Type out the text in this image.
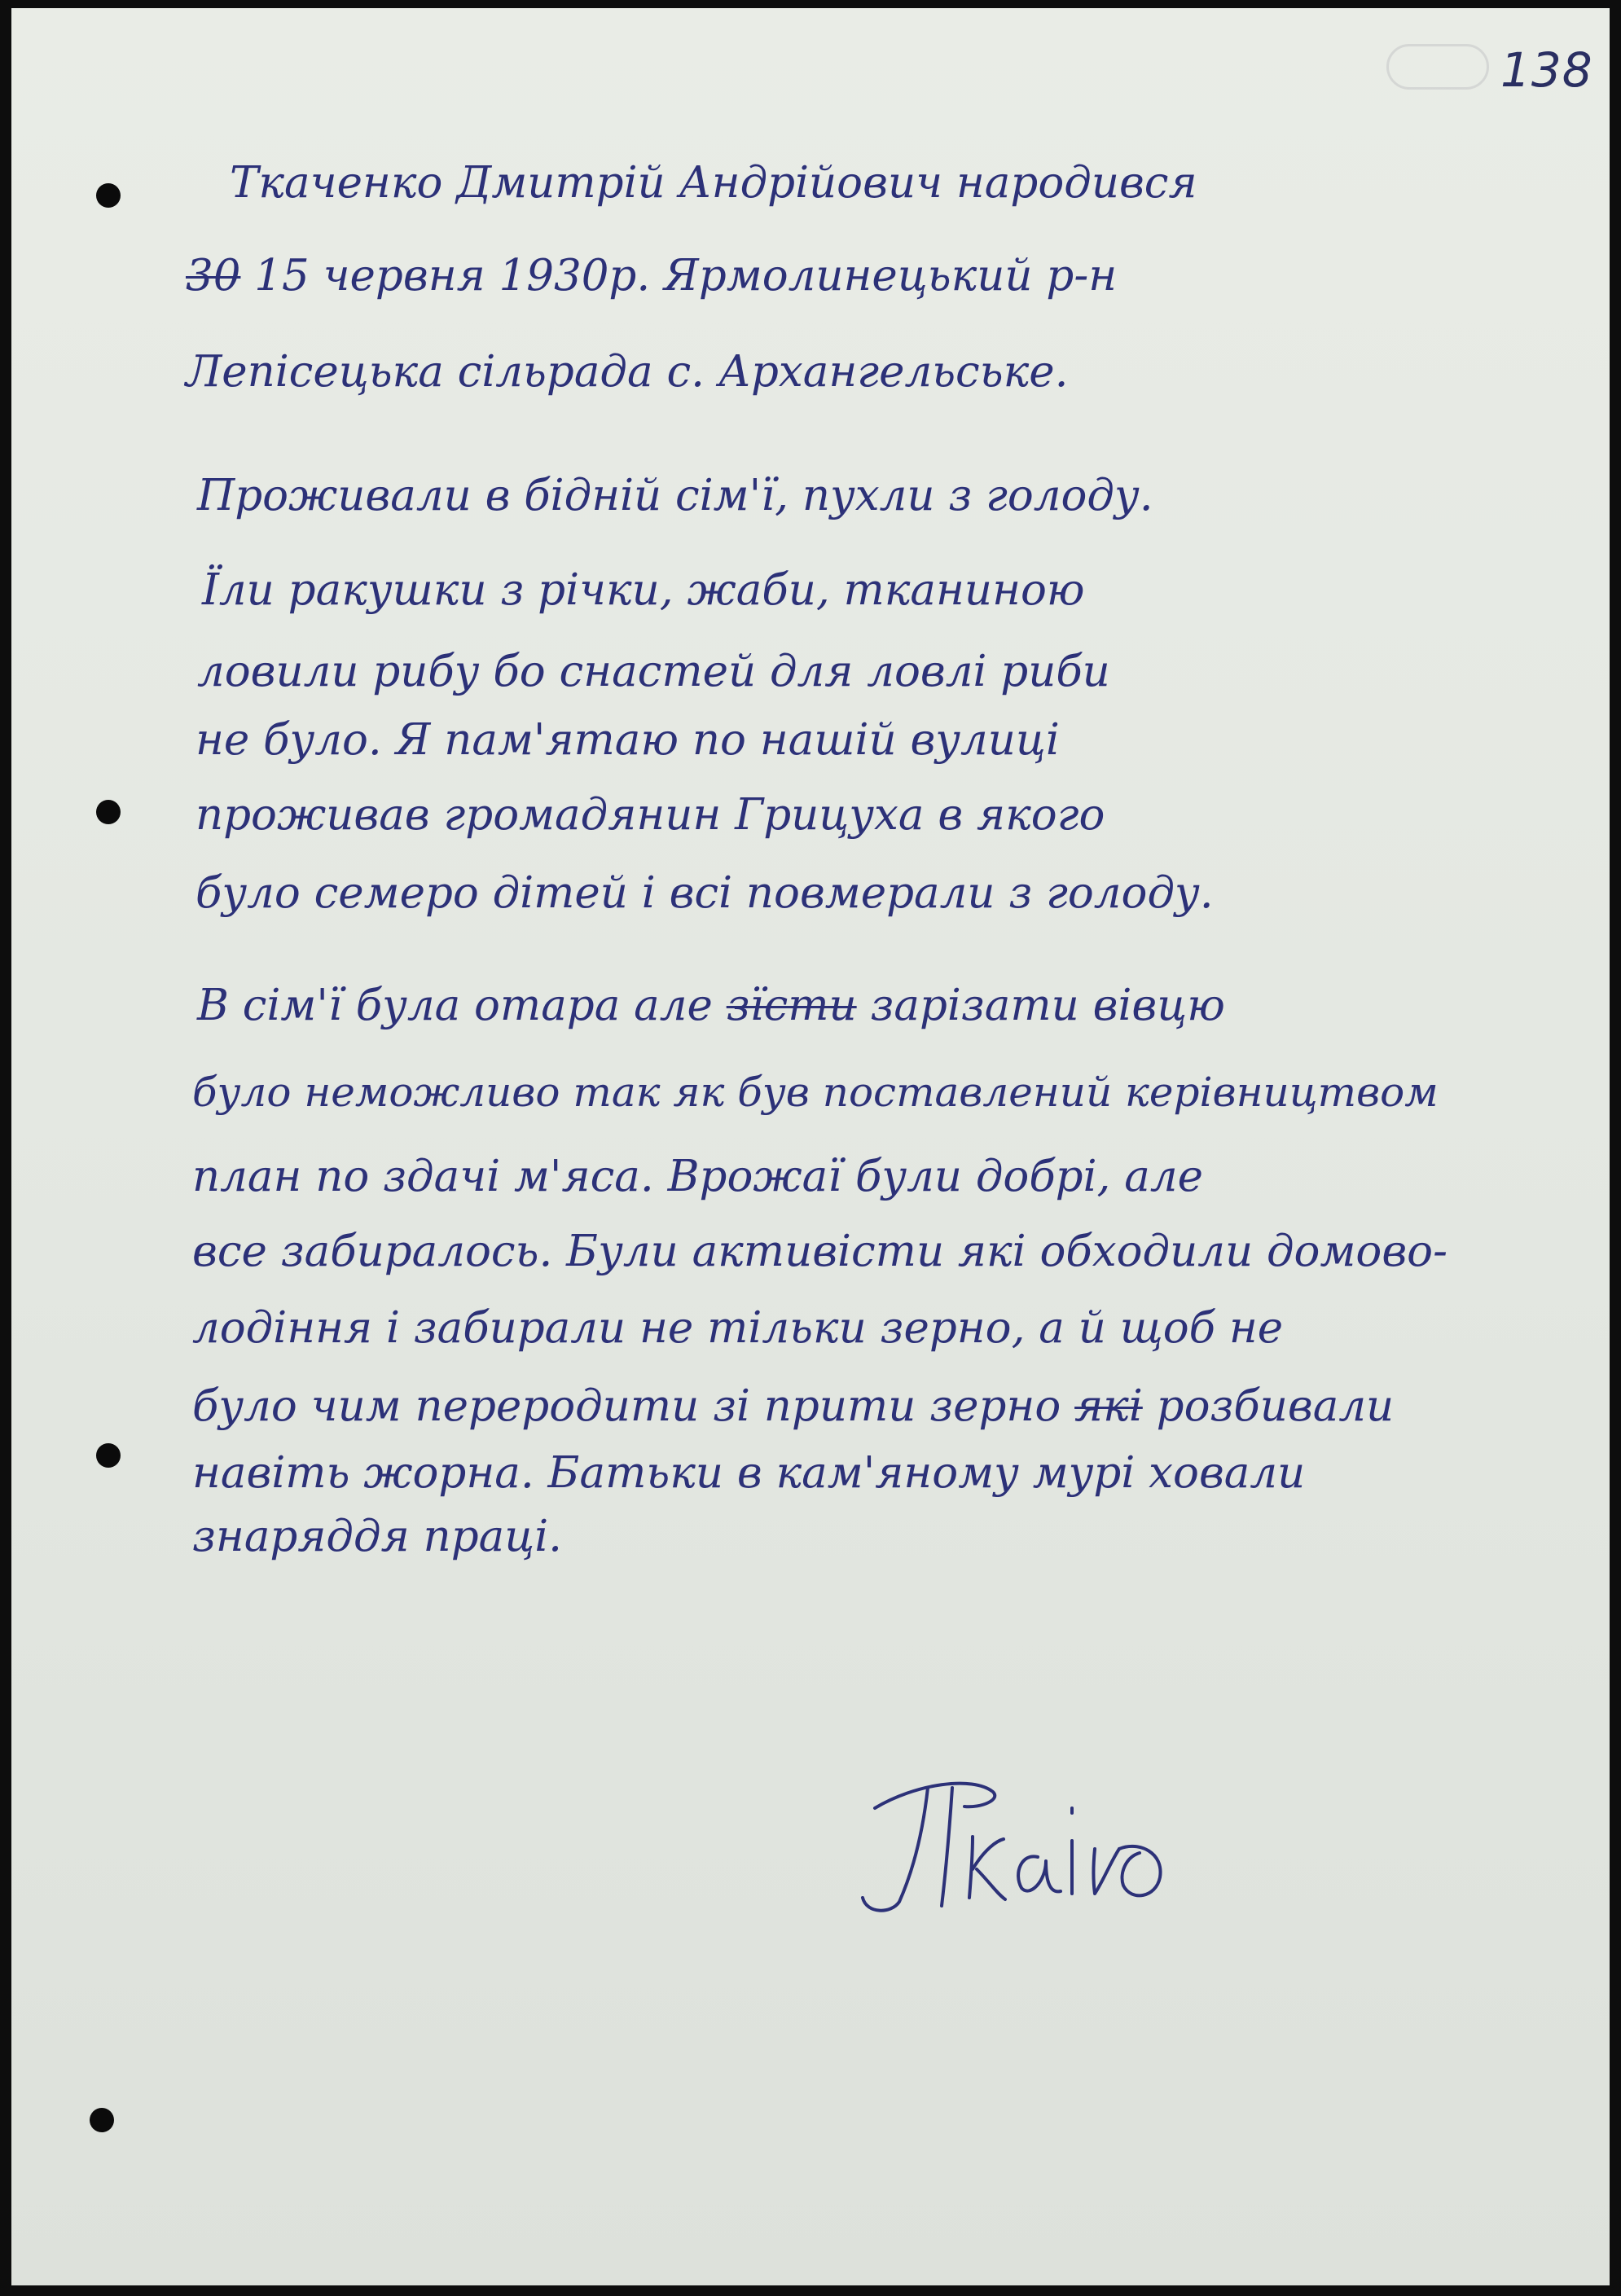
138
Ткаченко Дмитрій Андрійович народився
30 15 червня 1930р. Ярмолинецький р-н
Лепісецька сільрада с. Архангельське.
Проживали в бідній сім'ї, пухли з голоду.
Їли ракушки з річки, жаби, тканиною
ловили рибу бо снастей для ловлі риби
не було. Я пам'ятаю по нашій вулиці
проживав громадянин Грицуха в якого
було семеро дітей і всі повмерали з голоду.
В сім'ї була отара але зїсти зарізати вівцю
було неможливо так як був поставлений керівництвом
план по здачі м'яса. Врожаї були добрі, але
все забиралось. Були активісти які обходили домово-
лодіння і забирали не тільки зерно, а й щоб не
було чим переродити зі прити зерно які розбивали
навіть жорна. Батьки в кам'яному мурі ховали
знаряддя праці.
